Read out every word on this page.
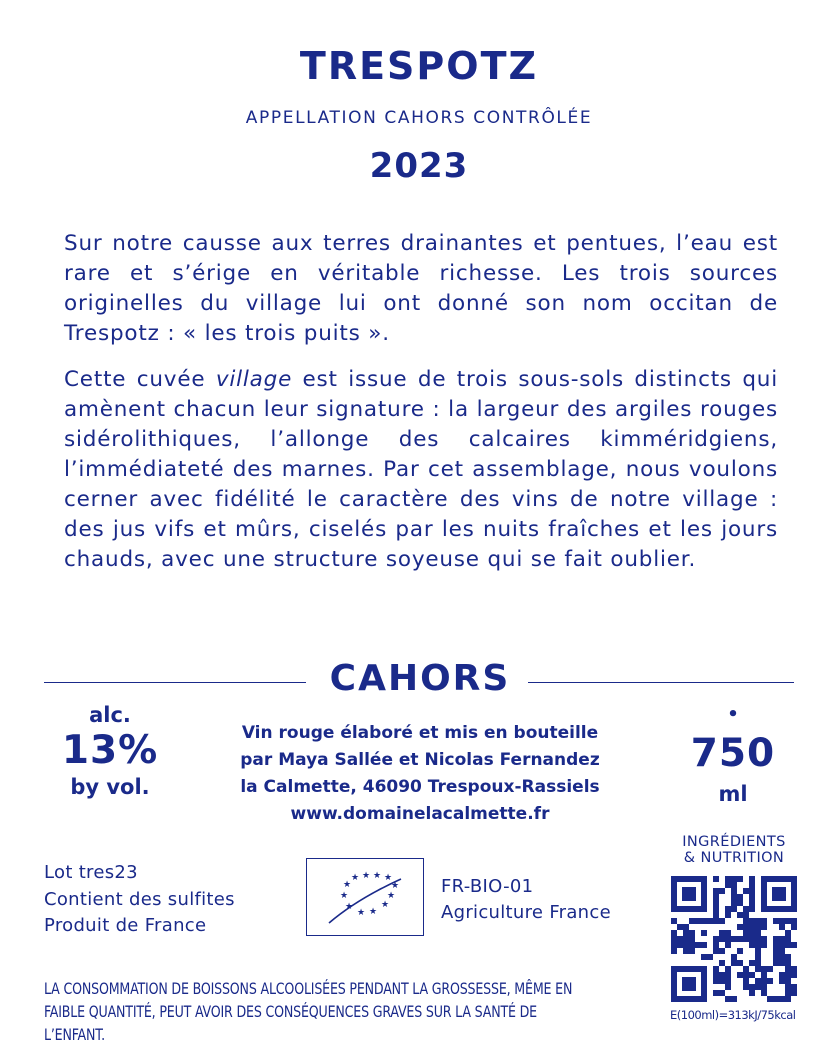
TRESPOTZ
APPELLATION CAHORS CONTRÔLÉE
2023

Sur notre causse aux terres drainantes et pentues, l’eau est rare et s’érige en véritable richesse. Les trois sources originelles du village lui ont donné son nom occitan de Trespotz : « les trois puits ».

Cette cuvée village est issue de trois sous-sols distincts qui amènent chacun leur signature : la largeur des argiles rouges sidérolithiques, l’allonge des calcaires kimméridgiens, l’immédiateté des marnes. Par cet assemblage, nous voulons cerner avec fidélité le caractère des vins de notre village : des jus vifs et mûrs, ciselés par les nuits fraîches et les jours chauds, avec une structure soyeuse qui se fait oublier.

CAHORS
alc.
13%
by vol.
Vin rouge élaboré et mis en bouteille
par Maya Sallée et Nicolas Fernandez
la Calmette, 46090 Trespoux-Rassiels
www.domainelacalmette.fr
•
750
ml
Lot tres23
Contient des sulfites
Produit de France
★ ★ ★ ★
★	★
★	★
★	★
★ ★
FR-BIO-01
Agriculture France
INGRÉDIENTS
& NUTRITION
E(100ml)=313kJ/75kcal
LA CONSOMMATION DE BOISSONS ALCOOLISÉES PENDANT LA GROSSESSE, MÊME EN
FAIBLE QUANTITÉ, PEUT AVOIR DES CONSÉQUENCES GRAVES SUR LA SANTÉ DE L’ENFANT.
